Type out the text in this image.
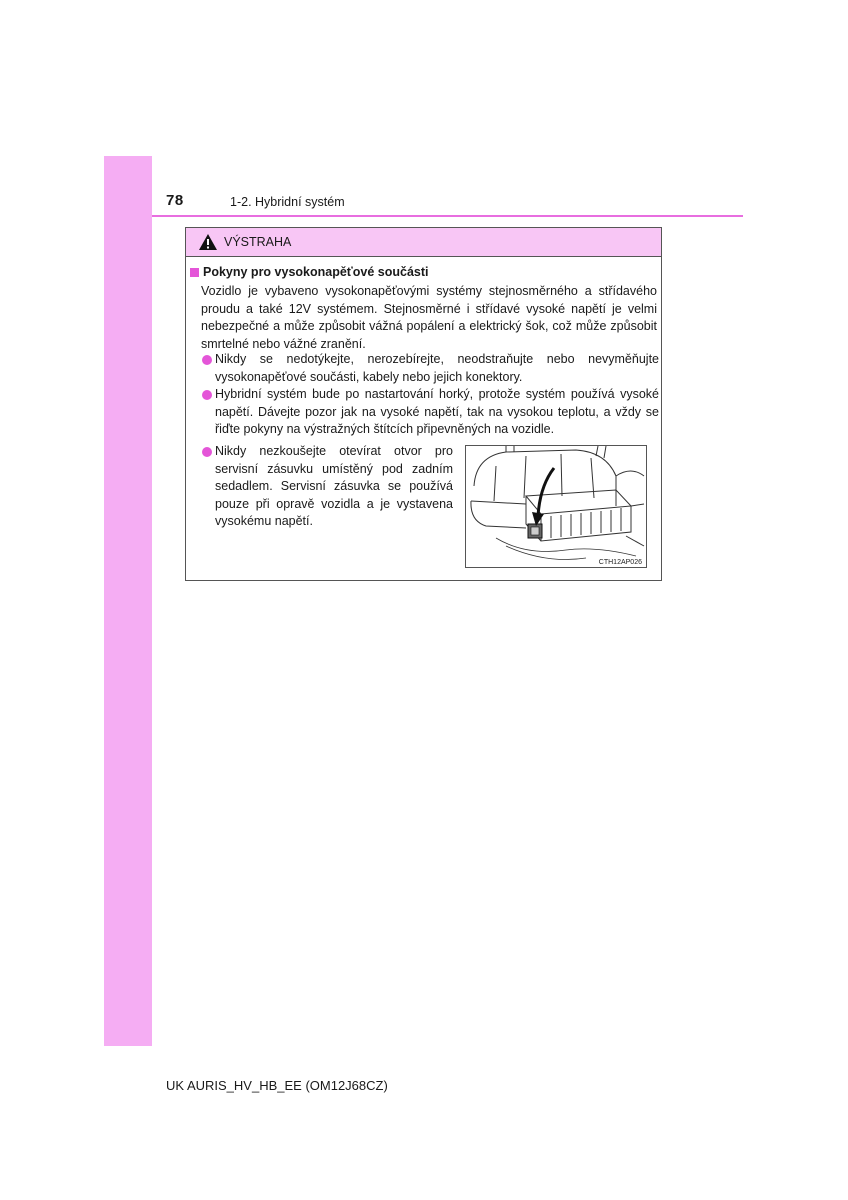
78	1-2. Hybridní systém
VÝSTRAHA
Pokyny pro vysokonapěťové součásti
Vozidlo je vybaveno vysokonapěťovými systémy stejnosměrného a střídavého proudu a také 12V systémem. Stejnosměrné i střídavé vysoké napětí je velmi nebezpečné a může způsobit vážná popálení a elektrický šok, což může způsobit smrtelné nebo vážné zranění.
Nikdy se nedotýkejte, nerozebírejte, neodstraňujte nebo nevyměňujte vysokonapěťové součásti, kabely nebo jejich konektory.
Hybridní systém bude po nastartování horký, protože systém používá vysoké napětí. Dávejte pozor jak na vysoké napětí, tak na vysokou teplotu, a vždy se řiďte pokyny na výstražných štítcích připevněných na vozidle.
Nikdy nezkoušejte otevírat otvor pro servisní zásuvku umístěný pod zadním sedadlem. Servisní zásuvka se používá pouze při opravě vozidla a je vystavena vysokému napětí.
CTH12AP026
UK AURIS_HV_HB_EE (OM12J68CZ)
